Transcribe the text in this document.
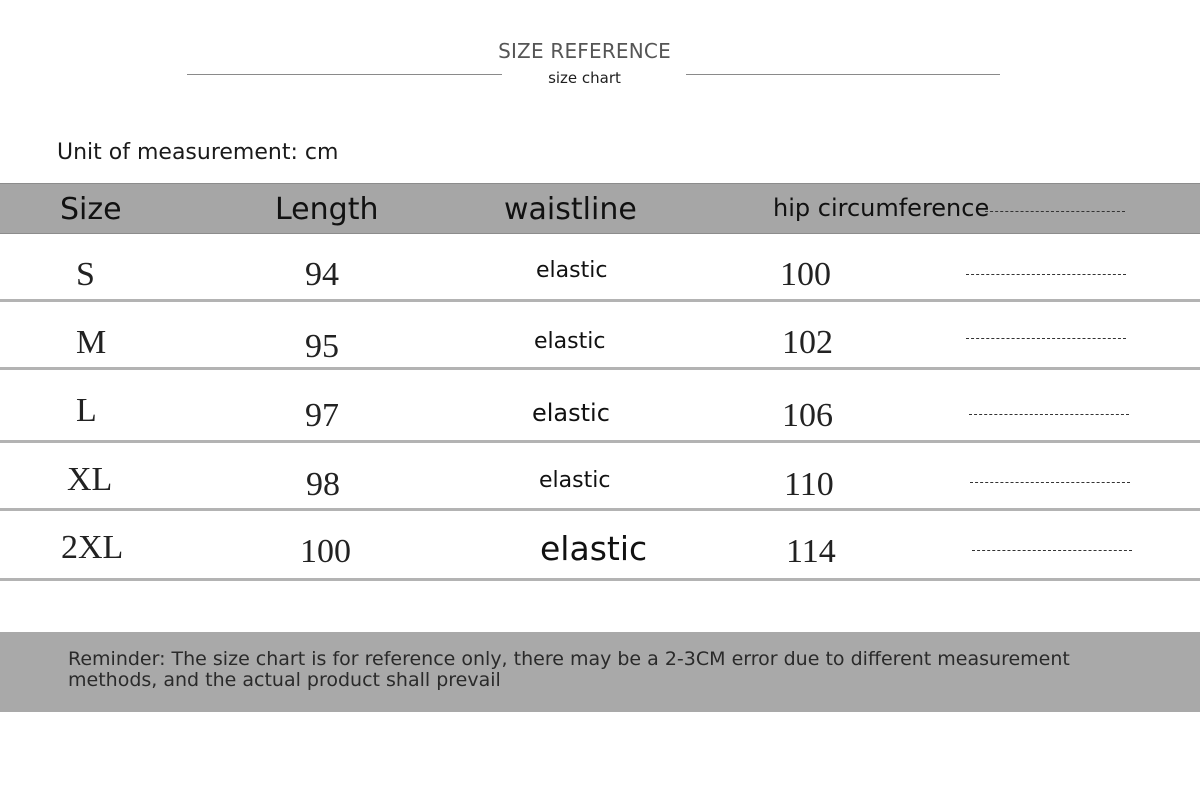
SIZE REFERENCE
size chart
Unit of measurement: cm
Size	Length	waistline	hip circumference
S	94	elastic	100
M	95	elastic	102
L	97	elastic	106
XL	98	elastic	110
2XL	100	elastic	114
Reminder: The size chart is for reference only, there may be a 2-3CM error due to different measurement methods, and the actual product shall prevail
